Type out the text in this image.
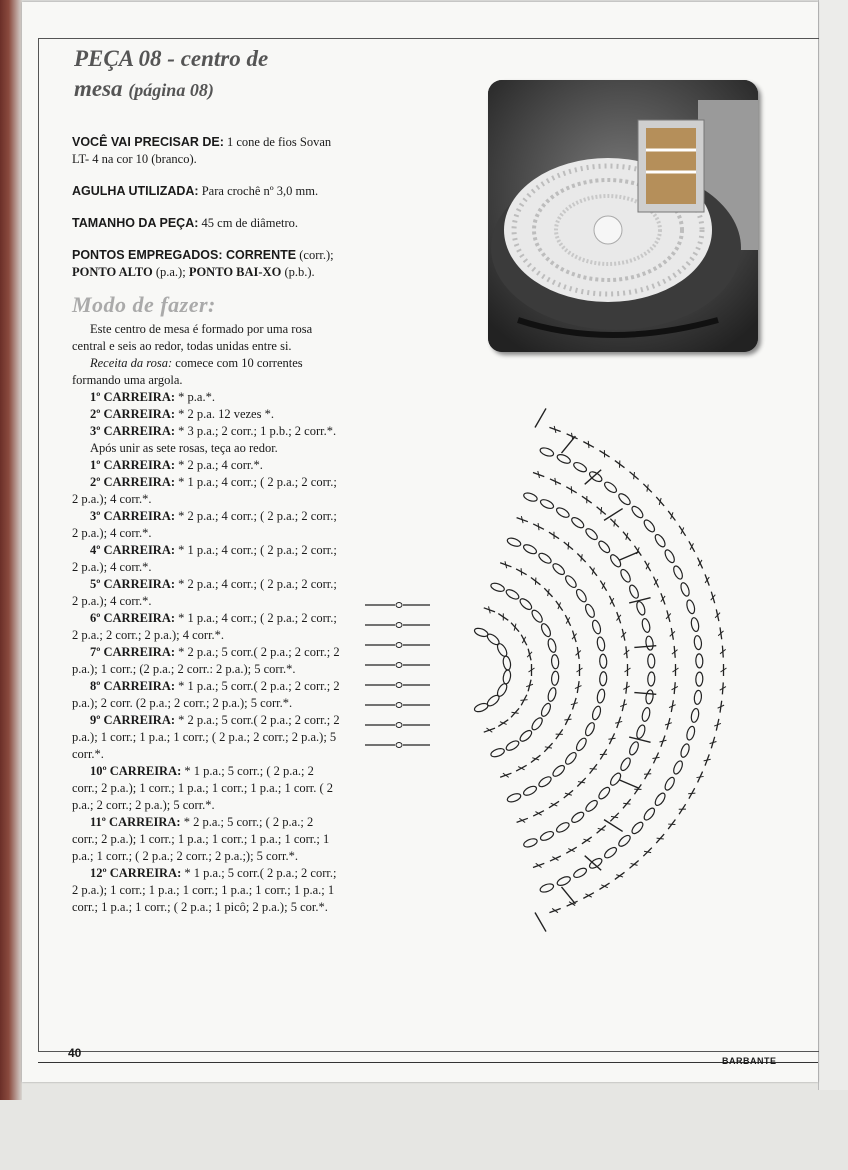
PEÇA 08 - centro de
mesa (página 08)
VOCÊ VAI PRECISAR DE: 1 cone de fios Sovan LT- 4 na cor 10 (branco).
AGULHA UTILIZADA: Para crochê nº 3,0 mm.
TAMANHO DA PEÇA: 45 cm de diâmetro.
PONTOS EMPREGADOS: CORRENTE (corr.); PONTO ALTO (p.a.); PONTO BAI-XO (p.b.).
Modo de fazer:

Este centro de mesa é formado por uma rosa central e seis ao redor, todas unidas entre si.

Receita da rosa: comece com 10 correntes formando uma argola.

1º CARREIRA: * p.a.*.

2º CARREIRA: * 2 p.a. 12 vezes *.

3º CARREIRA: * 3 p.a.; 2 corr.; 1 p.b.; 2 corr.*.

Após unir as sete rosas, teça ao redor.

1º CARREIRA: * 2 p.a.; 4 corr.*.

2º CARREIRA: * 1 p.a.; 4 corr.; ( 2 p.a.; 2 corr.; 2 p.a.); 4 corr.*.

3º CARREIRA: * 2 p.a.; 4 corr.; ( 2 p.a.; 2 corr.; 2 p.a.); 4 corr.*.

4º CARREIRA: * 1 p.a.; 4 corr.; ( 2 p.a.; 2 corr.; 2 p.a.); 4 corr.*.

5º CARREIRA: * 2 p.a.; 4 corr.; ( 2 p.a.; 2 corr.; 2 p.a.); 4 corr.*.

6º CARREIRA: * 1 p.a.; 4 corr.; ( 2 p.a.; 2 corr.; 2 p.a.; 2 corr.; 2 p.a.); 4 corr.*.

7º CARREIRA: * 2 p.a.; 5 corr.( 2 p.a.; 2 corr.; 2 p.a.); 1 corr.; (2 p.a.; 2 corr.: 2 p.a.); 5 corr.*.

8º CARREIRA: * 1 p.a.; 5 corr.( 2 p.a.; 2 corr.; 2 p.a.); 2 corr. (2 p.a.; 2 corr.; 2 p.a.); 5 corr.*.

9º CARREIRA: * 2 p.a.; 5 corr.( 2 p.a.; 2 corr.; 2 p.a.); 1 corr.; 1 p.a.; 1 corr.; ( 2 p.a.; 2 corr.; 2 p.a.); 5 corr.*.

10º CARREIRA: * 1 p.a.; 5 corr.; ( 2 p.a.; 2 corr.; 2 p.a.); 1 corr.; 1 p.a.; 1 corr.; 1 p.a.; 1 corr. ( 2 p.a.; 2 corr.; 2 p.a.); 5 corr.*.

11º CARREIRA: * 2 p.a.; 5 corr.; ( 2 p.a.; 2 corr.; 2 p.a.); 1 corr.; 1 p.a.; 1 corr.; 1 p.a.; 1 corr.; 1 p.a.; 1 corr.; ( 2 p.a.; 2 corr.; 2 p.a.;); 5 corr.*.

12º CARREIRA: * 1 p.a.; 5 corr.( 2 p.a.; 2 corr.; 2 p.a.); 1 corr.; 1 p.a.; 1 corr.; 1 p.a.; 1 corr.; 1 p.a.; 1 corr.; 1 p.a.; 1 corr.; ( 2 p.a.; 1 picô; 2 p.a.); 5 cor.*.

40
BARBANTE
